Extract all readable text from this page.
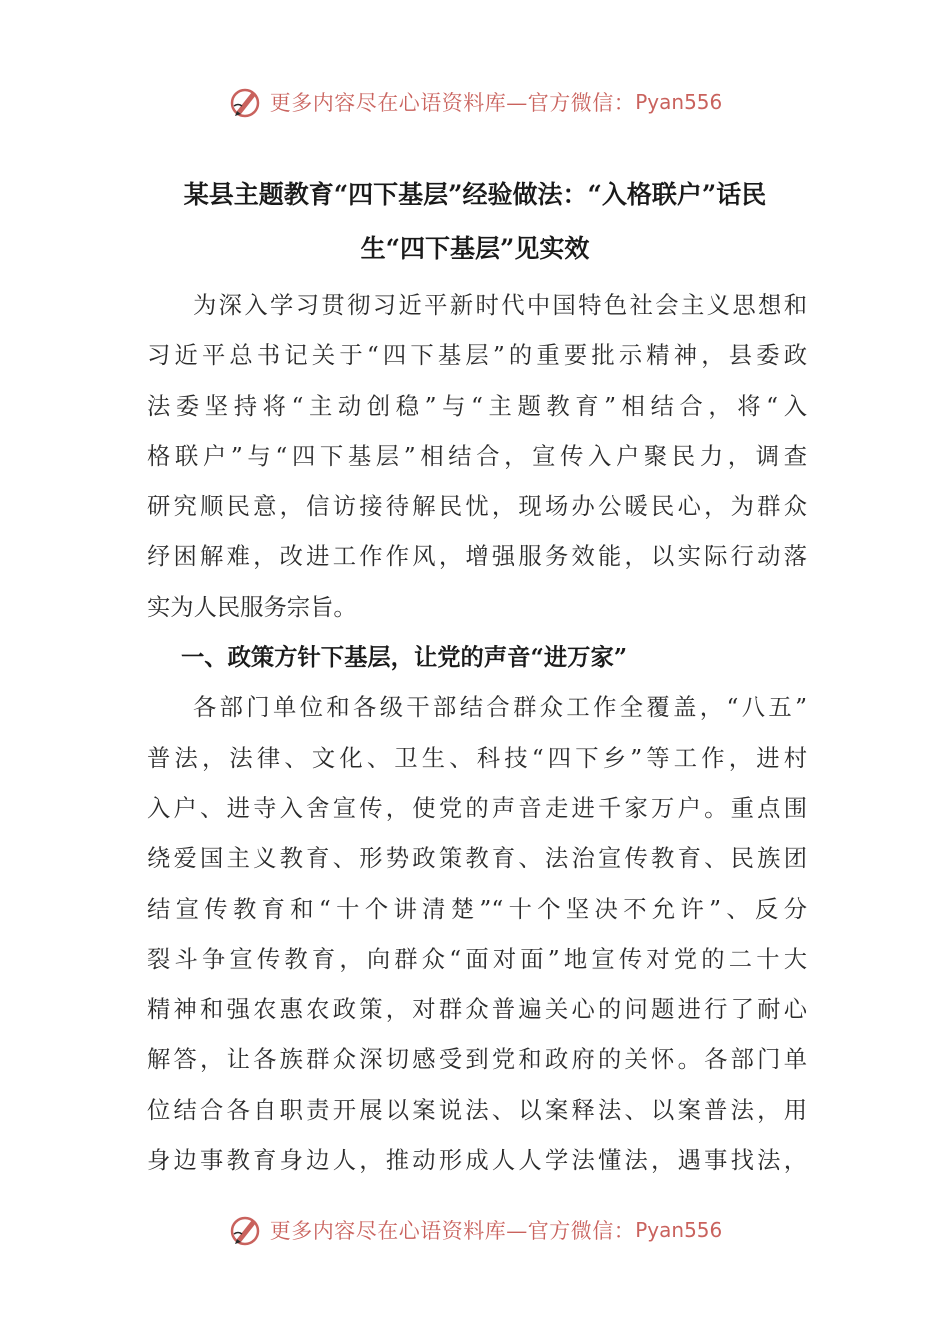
更多内容尽在心语资料库—官方微信： Pyan556
某县主题教育“四下基层”经验做法：“入格联户”话民
生“四下基层”见实效

为深入学习贯彻习近平新时代中国特色社会主义思想和
习近平总书记关于“四下基层”的重要批示精神，县委政
法委坚持将“主动创稳”与“主题教育”相结合，将“入
格联户”与“四下基层”相结合，宣传入户聚民力，调查
研究顺民意，信访接待解民忧，现场办公暖民心，为群众
纾困解难，改进工作作风，增强服务效能，以实际行动落
实为人民服务宗旨。

一、政策方针下基层，让党的声音“进万家”

各部门单位和各级干部结合群众工作全覆盖，“八五”
普法，法律、文化、卫生、科技“四下乡”等工作，进村
入户、进寺入舍宣传，使党的声音走进千家万户。重点围
绕爱国主义教育、形势政策教育、法治宣传教育、民族团
结宣传教育和“十个讲清楚”“十个坚决不允许”、反分
裂斗争宣传教育，向群众“面对面”地宣传对党的二十大
精神和强农惠农政策，对群众普遍关心的问题进行了耐心
解答，让各族群众深切感受到党和政府的关怀。各部门单
位结合各自职责开展以案说法、以案释法、以案普法，用
身边事教育身边人，推动形成人人学法懂法，遇事找法，

更多内容尽在心语资料库—官方微信： Pyan556
